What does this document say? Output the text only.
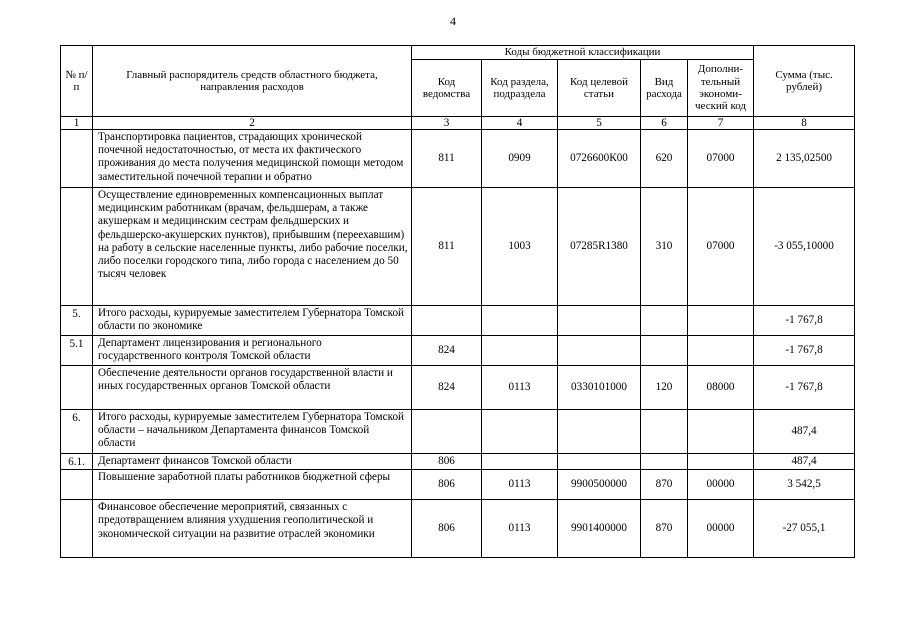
4
№ п/п	Главный распорядитель средств областного бюджета, направления расходов	Коды бюджетной классификации					Сумма (тыс. рублей)
		Код ведомства	Код раздела, подраздела	Код целевой статьи	Вид расхода	Дополни-тельный экономи-ческий код	
1	2	3	4	5	6	7	8
	Транспортировка пациентов, страдающих хронической почечной недостаточностью, от места их фактического проживания до места получения медицинской помощи методом заместительной почечной терапии и обратно	811	0909	0726600К00	620	07000	2 135,02500
	Осуществление единовременных компенсационных выплат медицинским работникам (врачам, фельдшерам, а также акушеркам и медицинским сестрам фельдшерских и фельдшерско-акушерских пунктов), прибывшим (переехавшим) на работу в сельские населенные пункты, либо рабочие поселки, либо поселки городского типа, либо города с населением до 50 тысяч человек	811	1003	07285R1380	310	07000	-3 055,10000
5.	Итого расходы, курируемые заместителем Губернатора Томской области по экономике						-1 767,8
5.1	Департамент лицензирования и регионального государственного контроля Томской области	824					-1 767,8
	Обеспечение деятельности органов государственной власти и иных государственных органов Томской области	824	0113	0330101000	120	08000	-1 767,8
6.	Итого расходы, курируемые заместителем Губернатора Томской области – начальником Департамента финансов Томской области						487,4
6.1.	Департамент финансов Томской области	806					487,4
	Повышение заработной платы работников бюджетной сферы	806	0113	9900500000	870	00000	3 542,5
	Финансовое обеспечение мероприятий, связанных с предотвращением влияния ухудшения геополитической и экономической ситуации на развитие отраслей экономики	806	0113	9901400000	870	00000	-27 055,1
